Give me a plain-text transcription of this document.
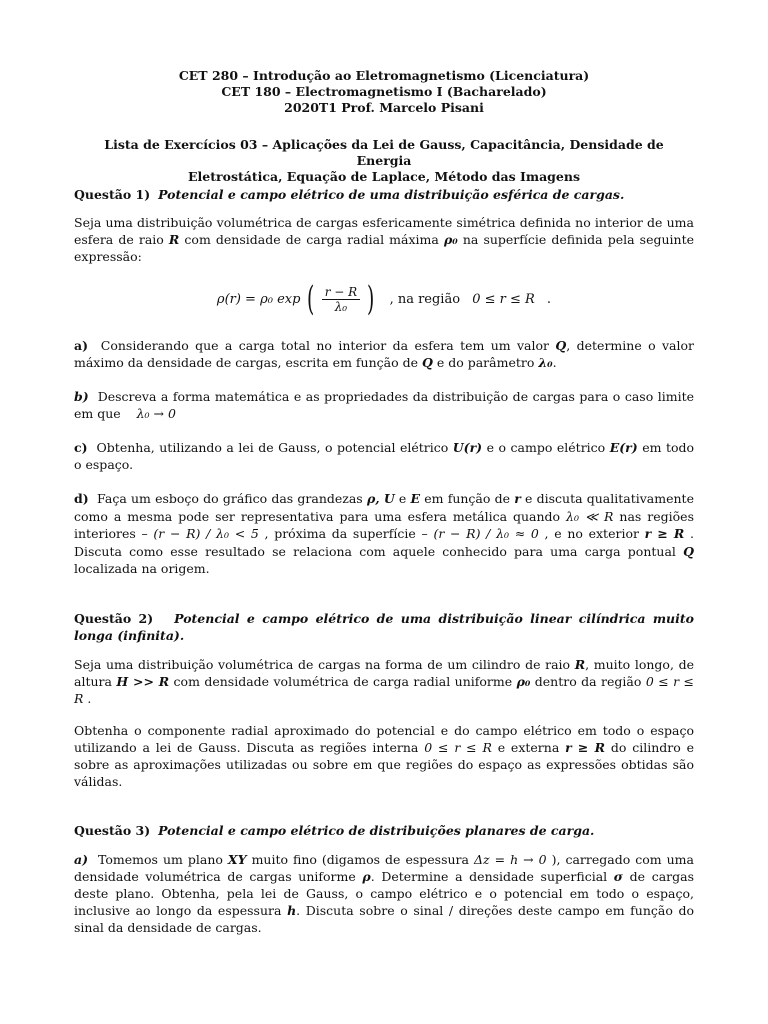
CET 280 – Introdução ao Eletromagnetismo (Licenciatura)
CET 180 – Electromagnetismo I (Bacharelado)
2020T1 Prof. Marcelo Pisani
Lista de Exercícios 03 – Aplicações da Lei de Gauss, Capacitância, Densidade de Energia
Eletrostática, Equação de Laplace, Método das Imagens
Questão 1) Potencial e campo elétrico de uma distribuição esférica de cargas.
Seja uma distribuição volumétrica de cargas esfericamente simétrica definida no interior de uma esfera de raio R com densidade de carga radial máxima ρ₀ na superfície definida pela seguinte expressão:
ρ(r) = ρ₀ exp ( $\frac{r - R}{\text{λ₀}}$ )
, na região
0 ≤ r ≤ R
.
a) Considerando que a carga total no interior da esfera tem um valor Q, determine o valor máximo da densidade de cargas, escrita em função de Q e do parâmetro λ₀.
b) Descreva a forma matemática e as propriedades da distribuição de cargas para o caso limite em que λ₀ → 0
c) Obtenha, utilizando a lei de Gauss, o potencial elétrico U(r) e o campo elétrico E(r) em todo o espaço.
d) Faça um esboço do gráfico das grandezas ρ, U e E em função de r e discuta qualitativamente como a mesma pode ser representativa para uma esfera metálica quando λ₀ ≪ R nas regiões interiores – (r − R) / λ₀ < 5 , próxima da superfície – (r − R) / λ₀ ≈ 0 , e no exterior r ≥ R . Discuta como esse resultado se relaciona com aquele conhecido para uma carga pontual Q localizada na origem.
Questão 2) Potencial e campo elétrico de uma distribuição linear cilíndrica muito longa (infinita).
Seja uma distribuição volumétrica de cargas na forma de um cilindro de raio R, muito longo, de altura H >> R com densidade volumétrica de carga radial uniforme ρ₀ dentro da região 0 ≤ r ≤ R .
Obtenha o componente radial aproximado do potencial e do campo elétrico em todo o espaço utilizando a lei de Gauss. Discuta as regiões interna 0 ≤ r ≤ R e externa r ≥ R do cilindro e sobre as aproximações utilizadas ou sobre em que regiões do espaço as expressões obtidas são válidas.
Questão 3) Potencial e campo elétrico de distribuições planares de carga.
a) Tomemos um plano XY muito fino (digamos de espessura Δz = h → 0 ), carregado com uma densidade volumétrica de cargas uniforme ρ. Determine a densidade superficial σ de cargas deste plano. Obtenha, pela lei de Gauss, o campo elétrico e o potencial em todo o espaço, inclusive ao longo da espessura h. Discuta sobre o sinal / direções deste campo em função do sinal da densidade de cargas.
